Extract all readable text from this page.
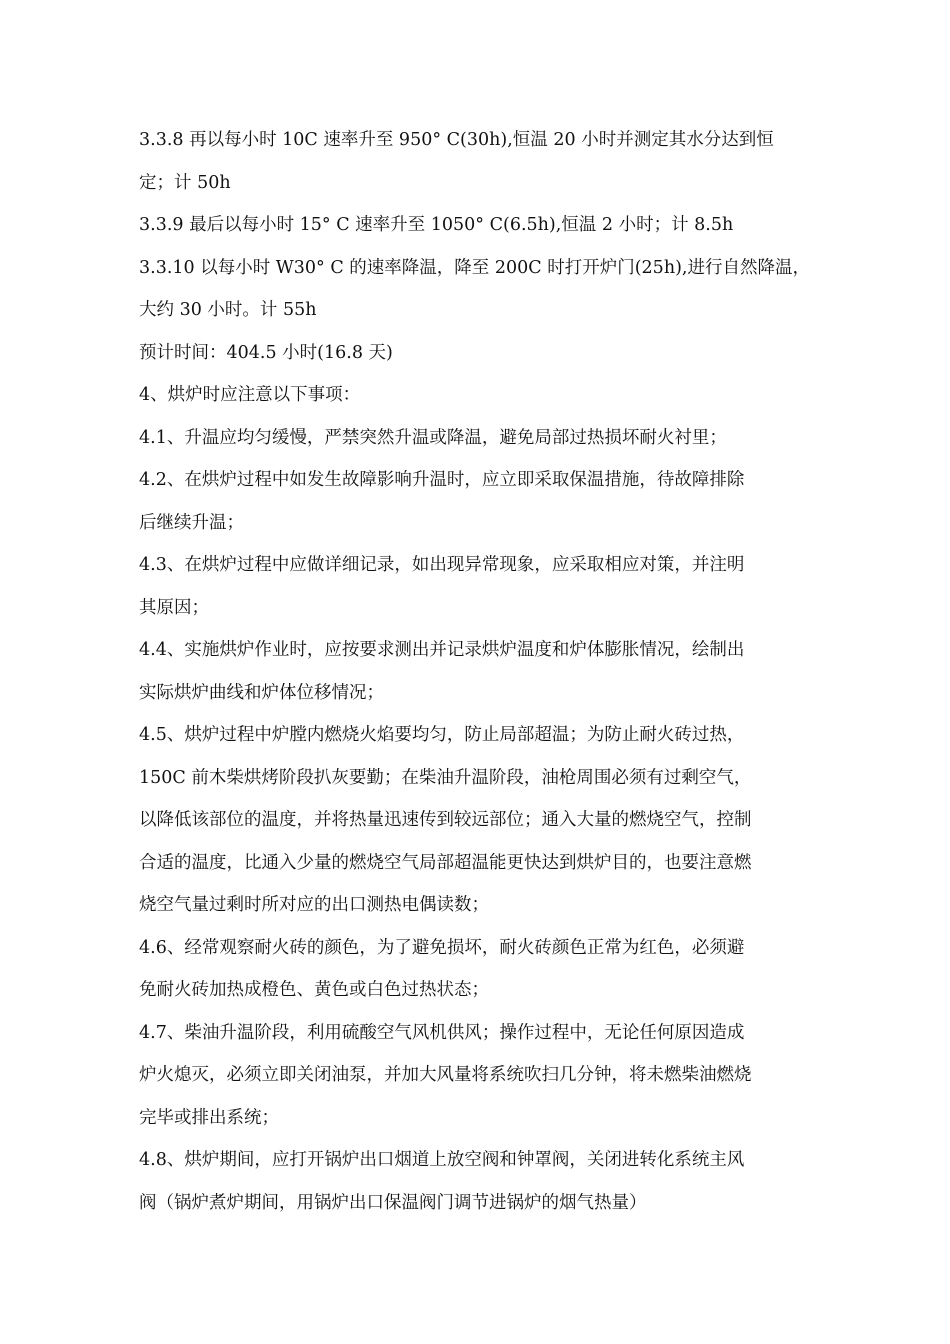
3.3.8 再以每小时 10C 速率升至 950° C(30h),恒温 20 小时并测定其水分达到恒
定；计 50h
3.3.9 最后以每小时 15° C 速率升至 1050° C(6.5h),恒温 2 小时；计 8.5h
3.3.10 以每小时 W30° C 的速率降温，降至 200C 时打开炉门(25h),进行自然降温，
大约 30 小时。计 55h
预计时间：404.5 小时(16.8 天)
4、烘炉时应注意以下事项：
4.1、升温应均匀缓慢，严禁突然升温或降温，避免局部过热损坏耐火衬里；
4.2、在烘炉过程中如发生故障影响升温时，应立即采取保温措施，待故障排除
后继续升温；
4.3、在烘炉过程中应做详细记录，如出现异常现象，应采取相应对策，并注明
其原因；
4.4、实施烘炉作业时，应按要求测出并记录烘炉温度和炉体膨胀情况，绘制出
实际烘炉曲线和炉体位移情况；
4.5、烘炉过程中炉膛内燃烧火焰要均匀，防止局部超温；为防止耐火砖过热，
150C 前木柴烘烤阶段扒灰要勤；在柴油升温阶段，油枪周围必须有过剩空气，
以降低该部位的温度，并将热量迅速传到较远部位；通入大量的燃烧空气，控制
合适的温度，比通入少量的燃烧空气局部超温能更快达到烘炉目的，也要注意燃
烧空气量过剩时所对应的出口测热电偶读数；
4.6、经常观察耐火砖的颜色，为了避免损坏，耐火砖颜色正常为红色，必须避
免耐火砖加热成橙色、黄色或白色过热状态；
4.7、柴油升温阶段，利用硫酸空气风机供风；操作过程中，无论任何原因造成
炉火熄灭，必须立即关闭油泵，并加大风量将系统吹扫几分钟，将未燃柴油燃烧
完毕或排出系统；
4.8、烘炉期间，应打开锅炉出口烟道上放空阀和钟罩阀，关闭进转化系统主风
阀（锅炉煮炉期间，用锅炉出口保温阀门调节进锅炉的烟气热量）
